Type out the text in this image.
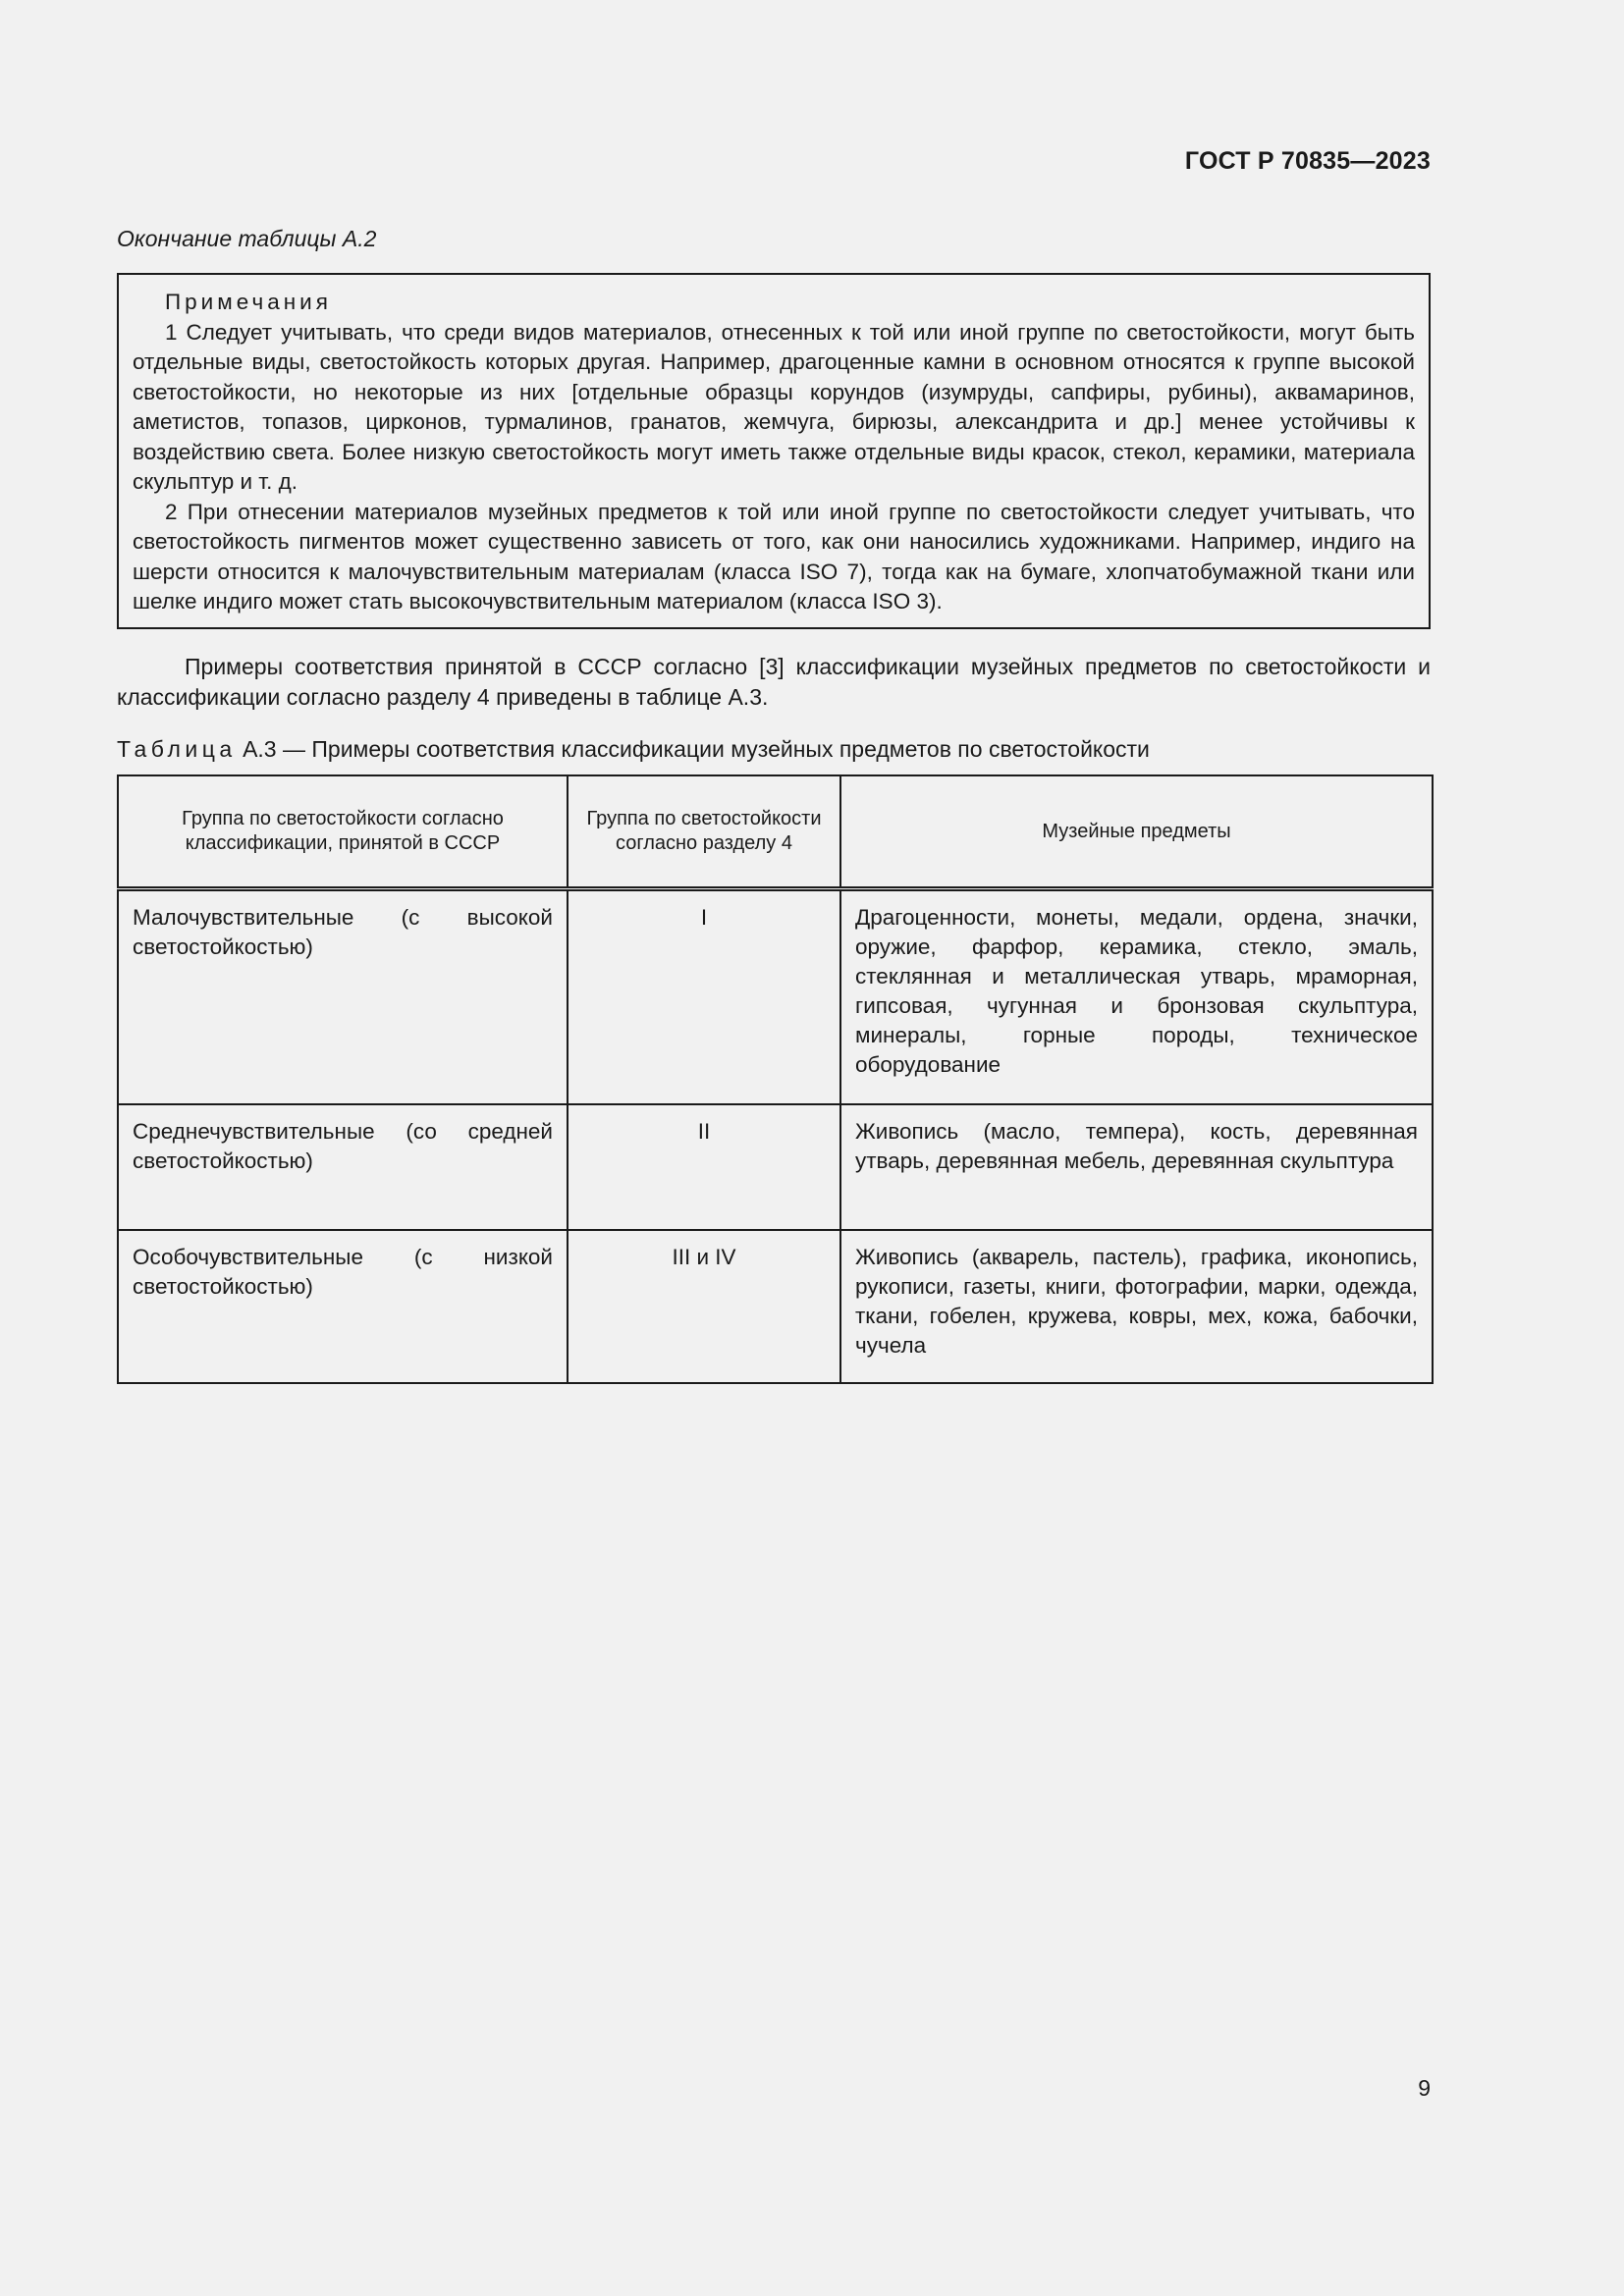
ГОСТ Р 70835—2023
Окончание таблицы А.2
Примечания

1 Следует учитывать, что среди видов материалов, отнесенных к той или иной группе по светостойкости, могут быть отдельные виды, светостойкость которых другая. Например, драгоценные камни в основном относятся к группе высокой светостойкости, но некоторые из них [отдельные образцы корундов (изумруды, сапфиры, рубины), аквамаринов, аметистов, топазов, цирконов, турмалинов, гранатов, жемчуга, бирюзы, александрита и др.] менее устойчивы к воздействию света. Более низкую светостойкость могут иметь также отдельные виды красок, стекол, керамики, материала скульптур и т. д.

2 При отнесении материалов музейных предметов к той или иной группе по светостойкости следует учитывать, что светостойкость пигментов может существенно зависеть от того, как они наносились художниками. Например, индиго на шерсти относится к малочувствительным материалам (класса ISO 7), тогда как на бумаге, хлопчатобумажной ткани или шелке индиго может стать высокочувствительным материалом (класса ISO 3).

Примеры соответствия принятой в СССР согласно [3] классификации музейных предметов по светостойкости и классификации согласно разделу 4 приведены в таблице А.3.

Таблица А.3 — Примеры соответствия классификации музейных предметов по светостойкости
Группа по светостойкости согласно классификации, принятой в СССР	Группа по светостойкости согласно разделу 4	Музейные предметы
Малочувствительные (с высокой светостойкостью)	I	Драгоценности, монеты, медали, ордена, значки, оружие, фарфор, керамика, стекло, эмаль, стеклянная и металлическая утварь, мраморная, гипсовая, чугунная и бронзовая скульптура, минералы, горные породы, техническое оборудование
Среднечувствительные (со средней светостойкостью)	II	Живопись (масло, темпера), кость, деревянная утварь, деревянная мебель, деревянная скульптура
Особочувствительные (с низкой светостойкостью)	III и IV	Живопись (акварель, пастель), графика, иконопись, рукописи, газеты, книги, фотографии, марки, одежда, ткани, гобелен, кружева, ковры, мех, кожа, бабочки, чучела
9
